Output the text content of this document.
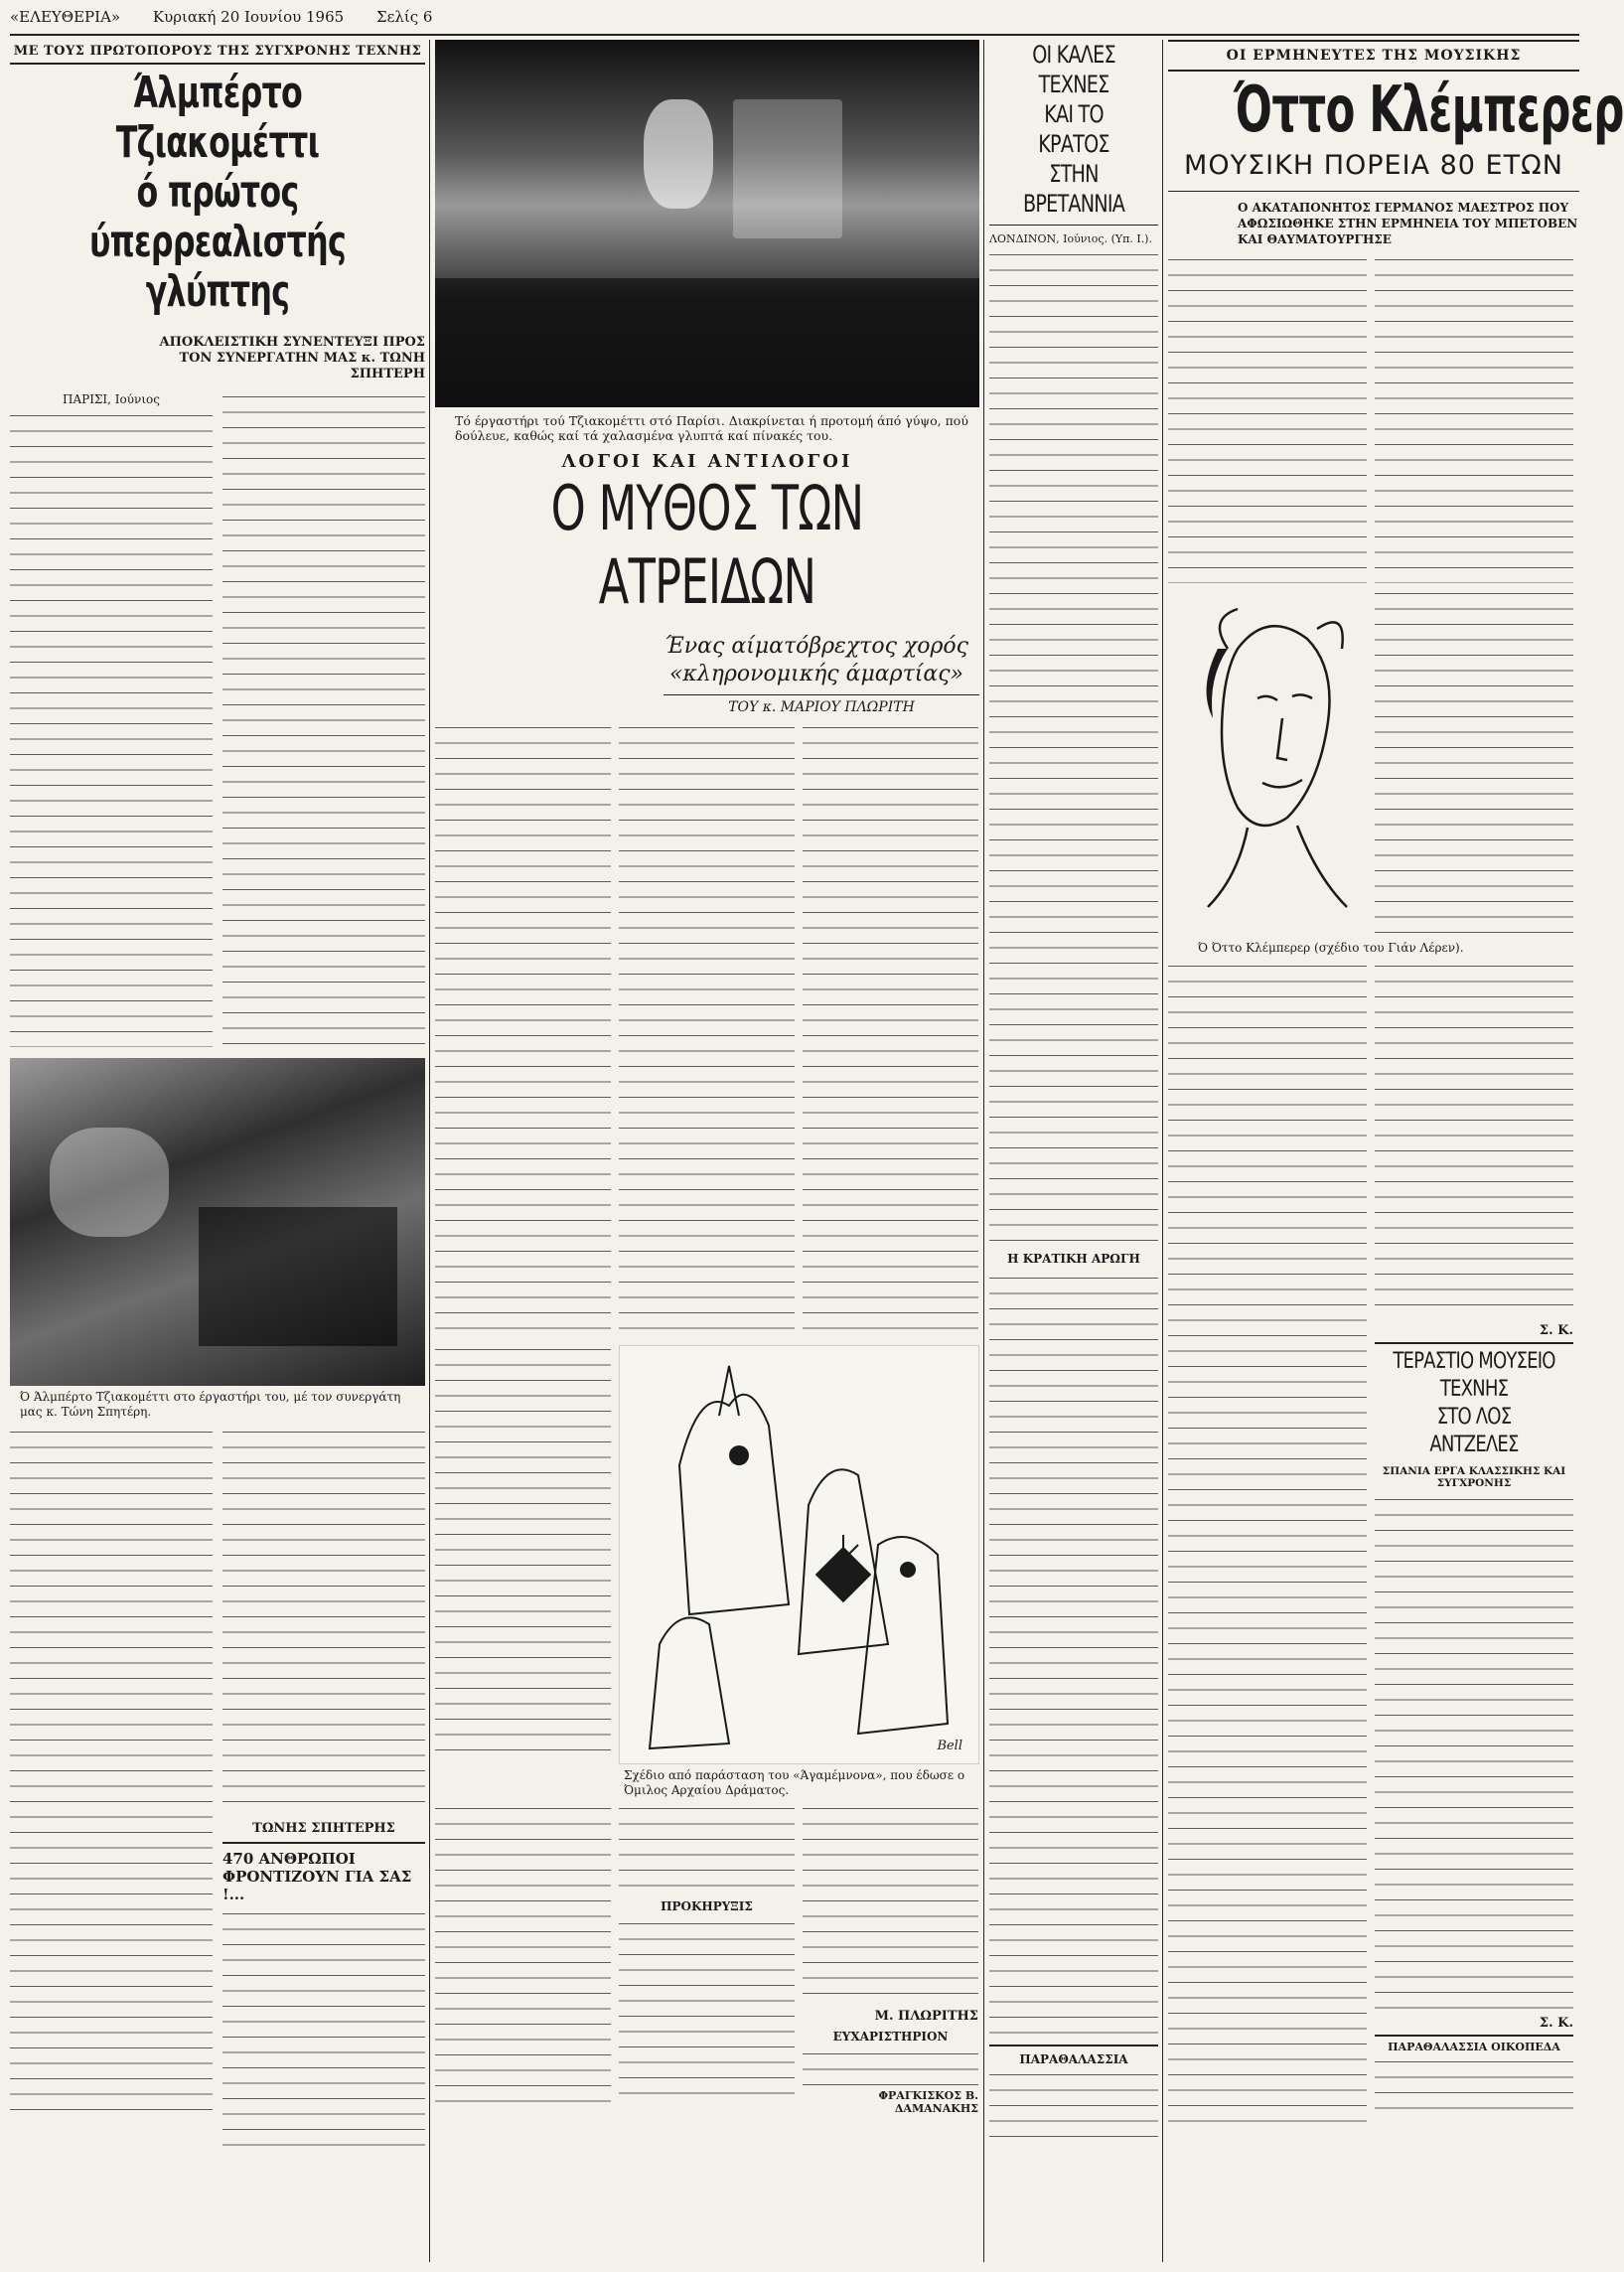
«ΕΛΕΥΘΕΡΙΑ» Κυριακή 20 Ιουνίου 1965 Σελίς 6
ΜΕ ΤΟΥΣ ΠΡΩΤΟΠΟΡΟΥΣ ΤΗΣ ΣΥΓΧΡΟΝΗΣ ΤΕΧΝΗΣ
Άλμπέρτο Τζιακομέττι
ό πρώτος
ύπερρεαλιστής γλύπτης
ΑΠΟΚΛΕΙΣΤΙΚΗ ΣΥΝΕΝΤΕΥΞΙ ΠΡΟΣ ΤΟΝ ΣΥΝΕΡΓΑΤΗΝ ΜΑΣ κ. ΤΩΝΗ ΣΠΗΤΕΡΗ
ΠΑΡΙΣΙ, Ιούνιος
Ό Άλμπέρτο Τζιακομέττι στο έργαστήρι του, μέ τον συνεργάτη μας κ. Τώνη Σπητέρη.
ΤΩΝΗΣ ΣΠΗΤΕΡΗΣ
470 ΑΝΘΡΩΠΟΙ ΦΡΟΝΤΙΖΟΥΝ ΓΙΑ ΣΑΣ !...
Τό έργαστήρι τού Τζιακομέττι στό Παρίσι. Διακρίνεται ή προτομή άπό γύψο, πού δούλευε, καθώς καί τά χαλασμένα γλυπτά καί πίνακές του.
ΛΟΓΟΙ ΚΑΙ ΑΝΤΙΛΟΓΟΙ
Ο ΜΥΘΟΣ ΤΩΝ ΑΤΡΕΙΔΩΝ
Ένας αίματόβρεχτος χορός
«κληρονομικής άμαρτίας»
ΤΟΥ κ. ΜΑΡΙΟΥ ΠΛΩΡΙΤΗ
Bell
Σχέδιο από παράσταση του «Άγαμέμνονα», που έδωσε ο Όμιλος Αρχαίου Δράματος.
ΠΡΟΚΗΡΥΞΙΣ
Μ. ΠΛΩΡΙΤΗΣ
ΕΥΧΑΡΙΣΤΗΡΙΟΝ
ΦΡΑΓΚΙΣΚΟΣ Β. ΔΑΜΑΝΑΚΗΣ
ΟΙ ΚΑΛΕΣ ΤΕΧΝΕΣ
ΚΑΙ ΤΟ ΚΡΑΤΟΣ
ΣΤΗΝ ΒΡΕΤΑΝΝΙΑ
ΛΟΝΔΙΝΟΝ, Ιούνιος. (Υπ. Ι.).
Η ΚΡΑΤΙΚΗ ΑΡΩΓΗ
ΠΑΡΑΘΑΛΑΣΣΙΑ
ΟΙ ΕΡΜΗΝΕΥΤΕΣ ΤΗΣ ΜΟΥΣΙΚΗΣ
Όττο Κλέμπερερ
ΜΟΥΣΙΚΗ ΠΟΡΕΙΑ 80 ΕΤΩΝ
Ο ΑΚΑΤΑΠΟΝΗΤΟΣ ΓΕΡΜΑΝΟΣ ΜΑΕΣΤΡΟΣ ΠΟΥ ΑΦΩΣΙΩΘΗΚΕ ΣΤΗΝ ΕΡΜΗΝΕΙΑ ΤΟΥ ΜΠΕΤΟΒΕΝ ΚΑΙ ΘΑΥΜΑΤΟΥΡΓΗΣΕ
Ό Όττο Κλέμπερερ (σχέδιο του Γιάν Λέρεν).
Σ. Κ.
ΤΕΡΑΣΤΙΟ ΜΟΥΣΕΙΟ
ΤΕΧΝΗΣ
ΣΤΟ ΛΟΣ ΑΝΤΖΕΛΕΣ
ΣΠΑΝΙΑ ΕΡΓΑ ΚΛΑΣΣΙΚΗΣ ΚΑΙ ΣΥΓΧΡΟΝΗΣ
Σ. Κ.
ΠΑΡΑΘΑΛΑΣΣΙΑ ΟΙΚΟΠΕΔΑ
